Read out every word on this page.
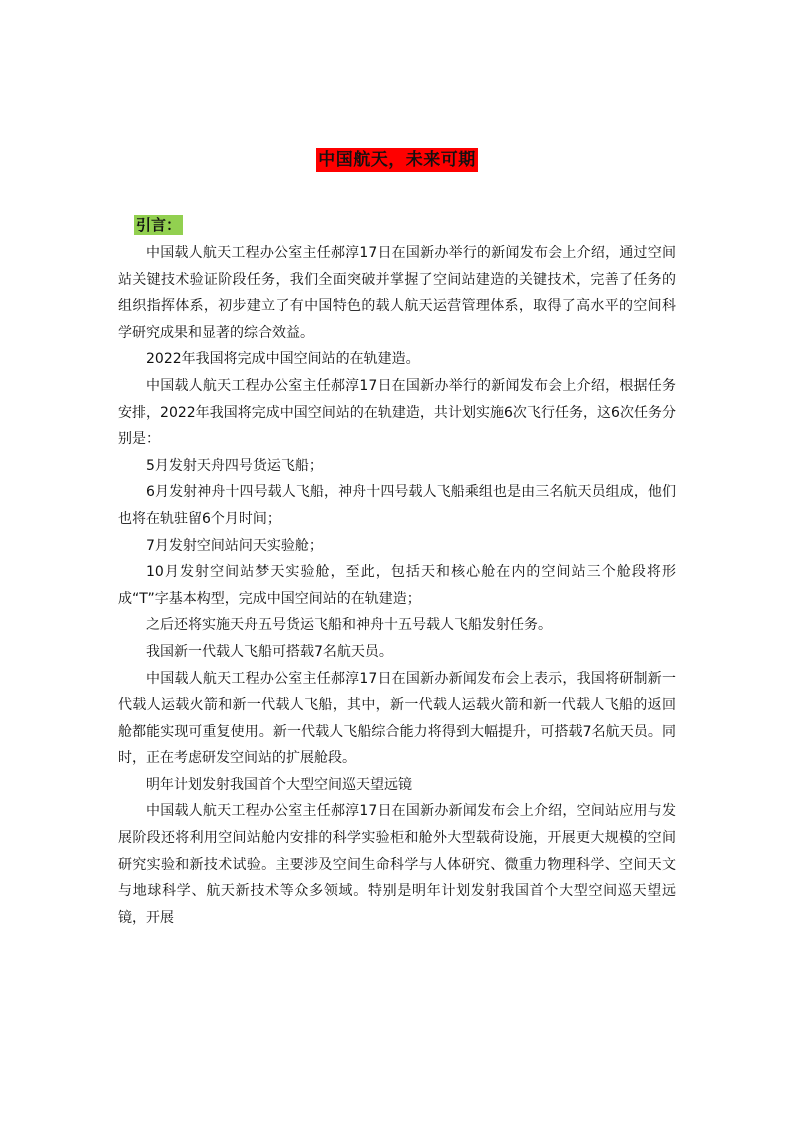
中国航天，未来可期
引言：

中国载人航天工程办公室主任郝淳17日在国新办举行的新闻发布会上介绍，通过空间站关键技术验证阶段任务，我们全面突破并掌握了空间站建造的关键技术，完善了任务的组织指挥体系，初步建立了有中国特色的载人航天运营管理体系，取得了高水平的空间科学研究成果和显著的综合效益。

2022年我国将完成中国空间站的在轨建造。

中国载人航天工程办公室主任郝淳17日在国新办举行的新闻发布会上介绍，根据任务安排，2022年我国将完成中国空间站的在轨建造，共计划实施6次飞行任务，这6次任务分别是：

5月发射天舟四号货运飞船；

6月发射神舟十四号载人飞船，神舟十四号载人飞船乘组也是由三名航天员组成，他们也将在轨驻留6个月时间；

7月发射空间站问天实验舱；

10月发射空间站梦天实验舱，至此，包括天和核心舱在内的空间站三个舱段将形成“T”字基本构型，完成中国空间站的在轨建造；

之后还将实施天舟五号货运飞船和神舟十五号载人飞船发射任务。

我国新一代载人飞船可搭载7名航天员。

中国载人航天工程办公室主任郝淳17日在国新办新闻发布会上表示，我国将研制新一代载人运载火箭和新一代载人飞船，其中，新一代载人运载火箭和新一代载人飞船的返回舱都能实现可重复使用。新一代载人飞船综合能力将得到大幅提升，可搭载7名航天员。同时，正在考虑研发空间站的扩展舱段。

明年计划发射我国首个大型空间巡天望远镜

中国载人航天工程办公室主任郝淳17日在国新办新闻发布会上介绍，空间站应用与发展阶段还将利用空间站舱内安排的科学实验柜和舱外大型载荷设施，开展更大规模的空间研究实验和新技术试验。主要涉及空间生命科学与人体研究、微重力物理科学、空间天文与地球科学、航天新技术等众多领域。特别是明年计划发射我国首个大型空间巡天望远镜，开展
